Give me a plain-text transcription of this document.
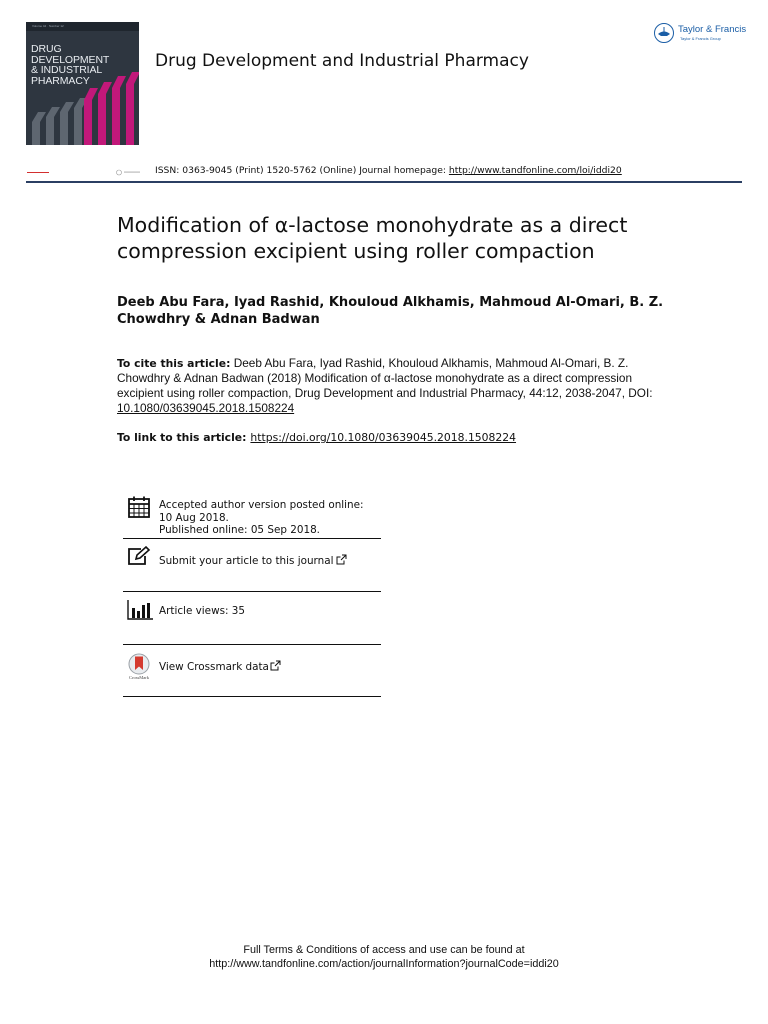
Volume 44 · Number 12
DRUG DEVELOPMENT
& INDUSTRIAL
PHARMACY
Drug Development and Industrial Pharmacy
Taylor & Francis
Taylor & Francis Group
ISSN: 0363-9045 (Print) 1520-5762 (Online) Journal homepage: http://www.tandfonline.com/loi/iddi20
Modification of α-lactose monohydrate as a direct compression excipient using roller compaction
Deeb Abu Fara, Iyad Rashid, Khouloud Alkhamis, Mahmoud Al-Omari, B. Z. Chowdhry & Adnan Badwan
To cite this article: Deeb Abu Fara, Iyad Rashid, Khouloud Alkhamis, Mahmoud Al-Omari, B. Z. Chowdhry & Adnan Badwan (2018) Modification of α-lactose monohydrate as a direct compression excipient using roller compaction, Drug Development and Industrial Pharmacy, 44:12, 2038-2047, DOI: 10.1080/03639045.2018.1508224
To link to this article: https://doi.org/10.1080/03639045.2018.1508224
Accepted author version posted online: 10 Aug 2018.
Published online: 05 Sep 2018.
Submit your article to this journal
Article views: 35
CrossMark
View Crossmark data
Full Terms & Conditions of access and use can be found at
http://www.tandfonline.com/action/journalInformation?journalCode=iddi20
